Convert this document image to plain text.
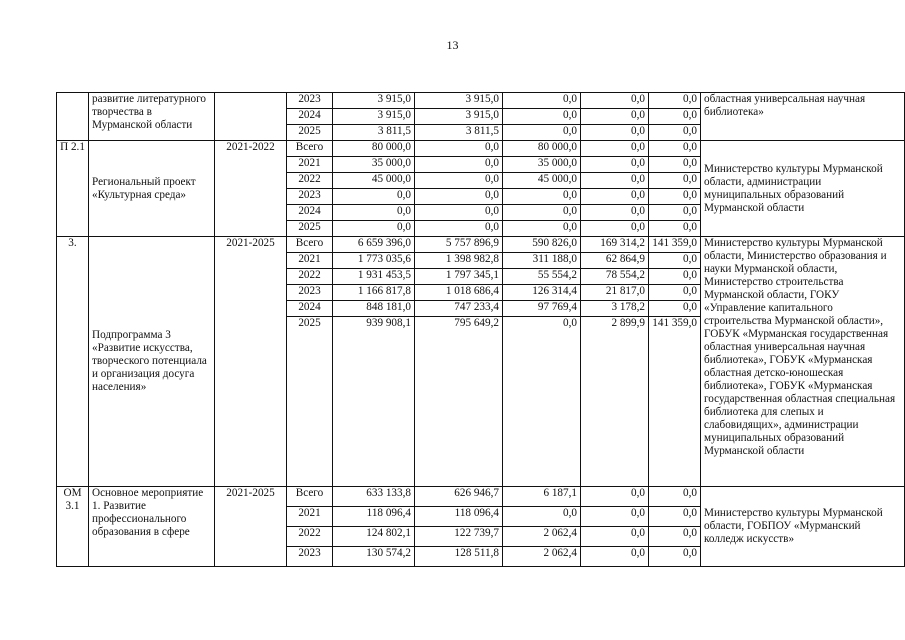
13
	развитие литературного творчества в Мурманской области		2023	3 915,0	3 915,0	0,0	0,0	0,0	областная универсальная научная библиотека»
			2024	3 915,0	3 915,0	0,0	0,0	0,0	
			2025	3 811,5	3 811,5	0,0	0,0	0,0	
П 2.1	Региональный проект «Культурная среда»	2021-2022	Всего	80 000,0	0,0	80 000,0	0,0	0,0	Министерство культуры Мурманской области, администрации муниципальных образований Мурманской области
			2021	35 000,0	0,0	35 000,0	0,0	0,0	
			2022	45 000,0	0,0	45 000,0	0,0	0,0	
			2023	0,0	0,0	0,0	0,0	0,0	
			2024	0,0	0,0	0,0	0,0	0,0	
			2025	0,0	0,0	0,0	0,0	0,0	
3.	Подпрограмма 3 «Развитие искусства, творческого потенциала и организация досуга населения»	2021-2025	Всего	6 659 396,0	5 757 896,9	590 826,0	169 314,2	141 359,0	Министерство культуры Мурманской области, Министерство образования и науки Мурманской области, Министерство строительства Мурманской области, ГОКУ «Управление капитального строительства Мурманской области», ГОБУК «Мурманская государственная областная универсальная научная библиотека», ГОБУК «Мурманская областная детско-юношеская библиотека», ГОБУК «Мурманская государственная областная специальная библиотека для слепых и слабовидящих», администрации муниципальных образований Мурманской области
			2021	1 773 035,6	1 398 982,8	311 188,0	62 864,9	0,0	
			2022	1 931 453,5	1 797 345,1	55 554,2	78 554,2	0,0	
			2023	1 166 817,8	1 018 686,4	126 314,4	21 817,0	0,0	
			2024	848 181,0	747 233,4	97 769,4	3 178,2	0,0	
			2025	939 908,1	795 649,2	0,0	2 899,9	141 359,0	
ОМ 3.1	Основное мероприятие 1. Развитие профессионального образования в сфере	2021-2025	Всего	633 133,8	626 946,7	6 187,1	0,0	0,0	Министерство культуры Мурманской области, ГОБПОУ «Мурманский колледж искусств»
			2021	118 096,4	118 096,4	0,0	0,0	0,0	
			2022	124 802,1	122 739,7	2 062,4	0,0	0,0	
			2023	130 574,2	128 511,8	2 062,4	0,0	0,0	
